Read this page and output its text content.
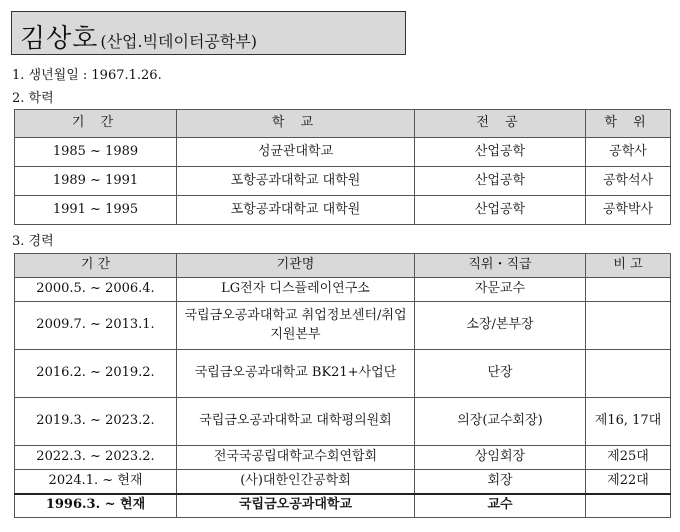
김상호 (산업.빅데이터공학부)
1. 생년월일 : 1967.1.26.
2. 학력
기 간	학 교	전 공	학 위
1985 ~ 1989	성균관대학교	산업공학	공학사
1989 ~ 1991	포항공과대학교 대학원	산업공학	공학석사
1991 ~ 1995	포항공과대학교 대학원	산업공학	공학박사
3. 경력
기 간	기관명	직위・직급	비 고
2000.5. ~ 2006.4.	LG전자 디스플레이연구소	자문교수	
2009.7. ~ 2013.1.	국립금오공과대학교 취업정보센터/취업지원본부	소장/본부장	
2016.2. ~ 2019.2.	국립금오공과대학교 BK21+사업단	단장	
2019.3. ~ 2023.2.	국립금오공과대학교 대학평의원회	의장(교수회장)	제16, 17대
2022.3. ~ 2023.2.	전국국공립대학교수회연합회	상임회장	제25대
2024.1. ~ 현재	(사)대한인간공학회	회장	제22대
1996.3. ~ 현재	국립금오공과대학교	교수	
